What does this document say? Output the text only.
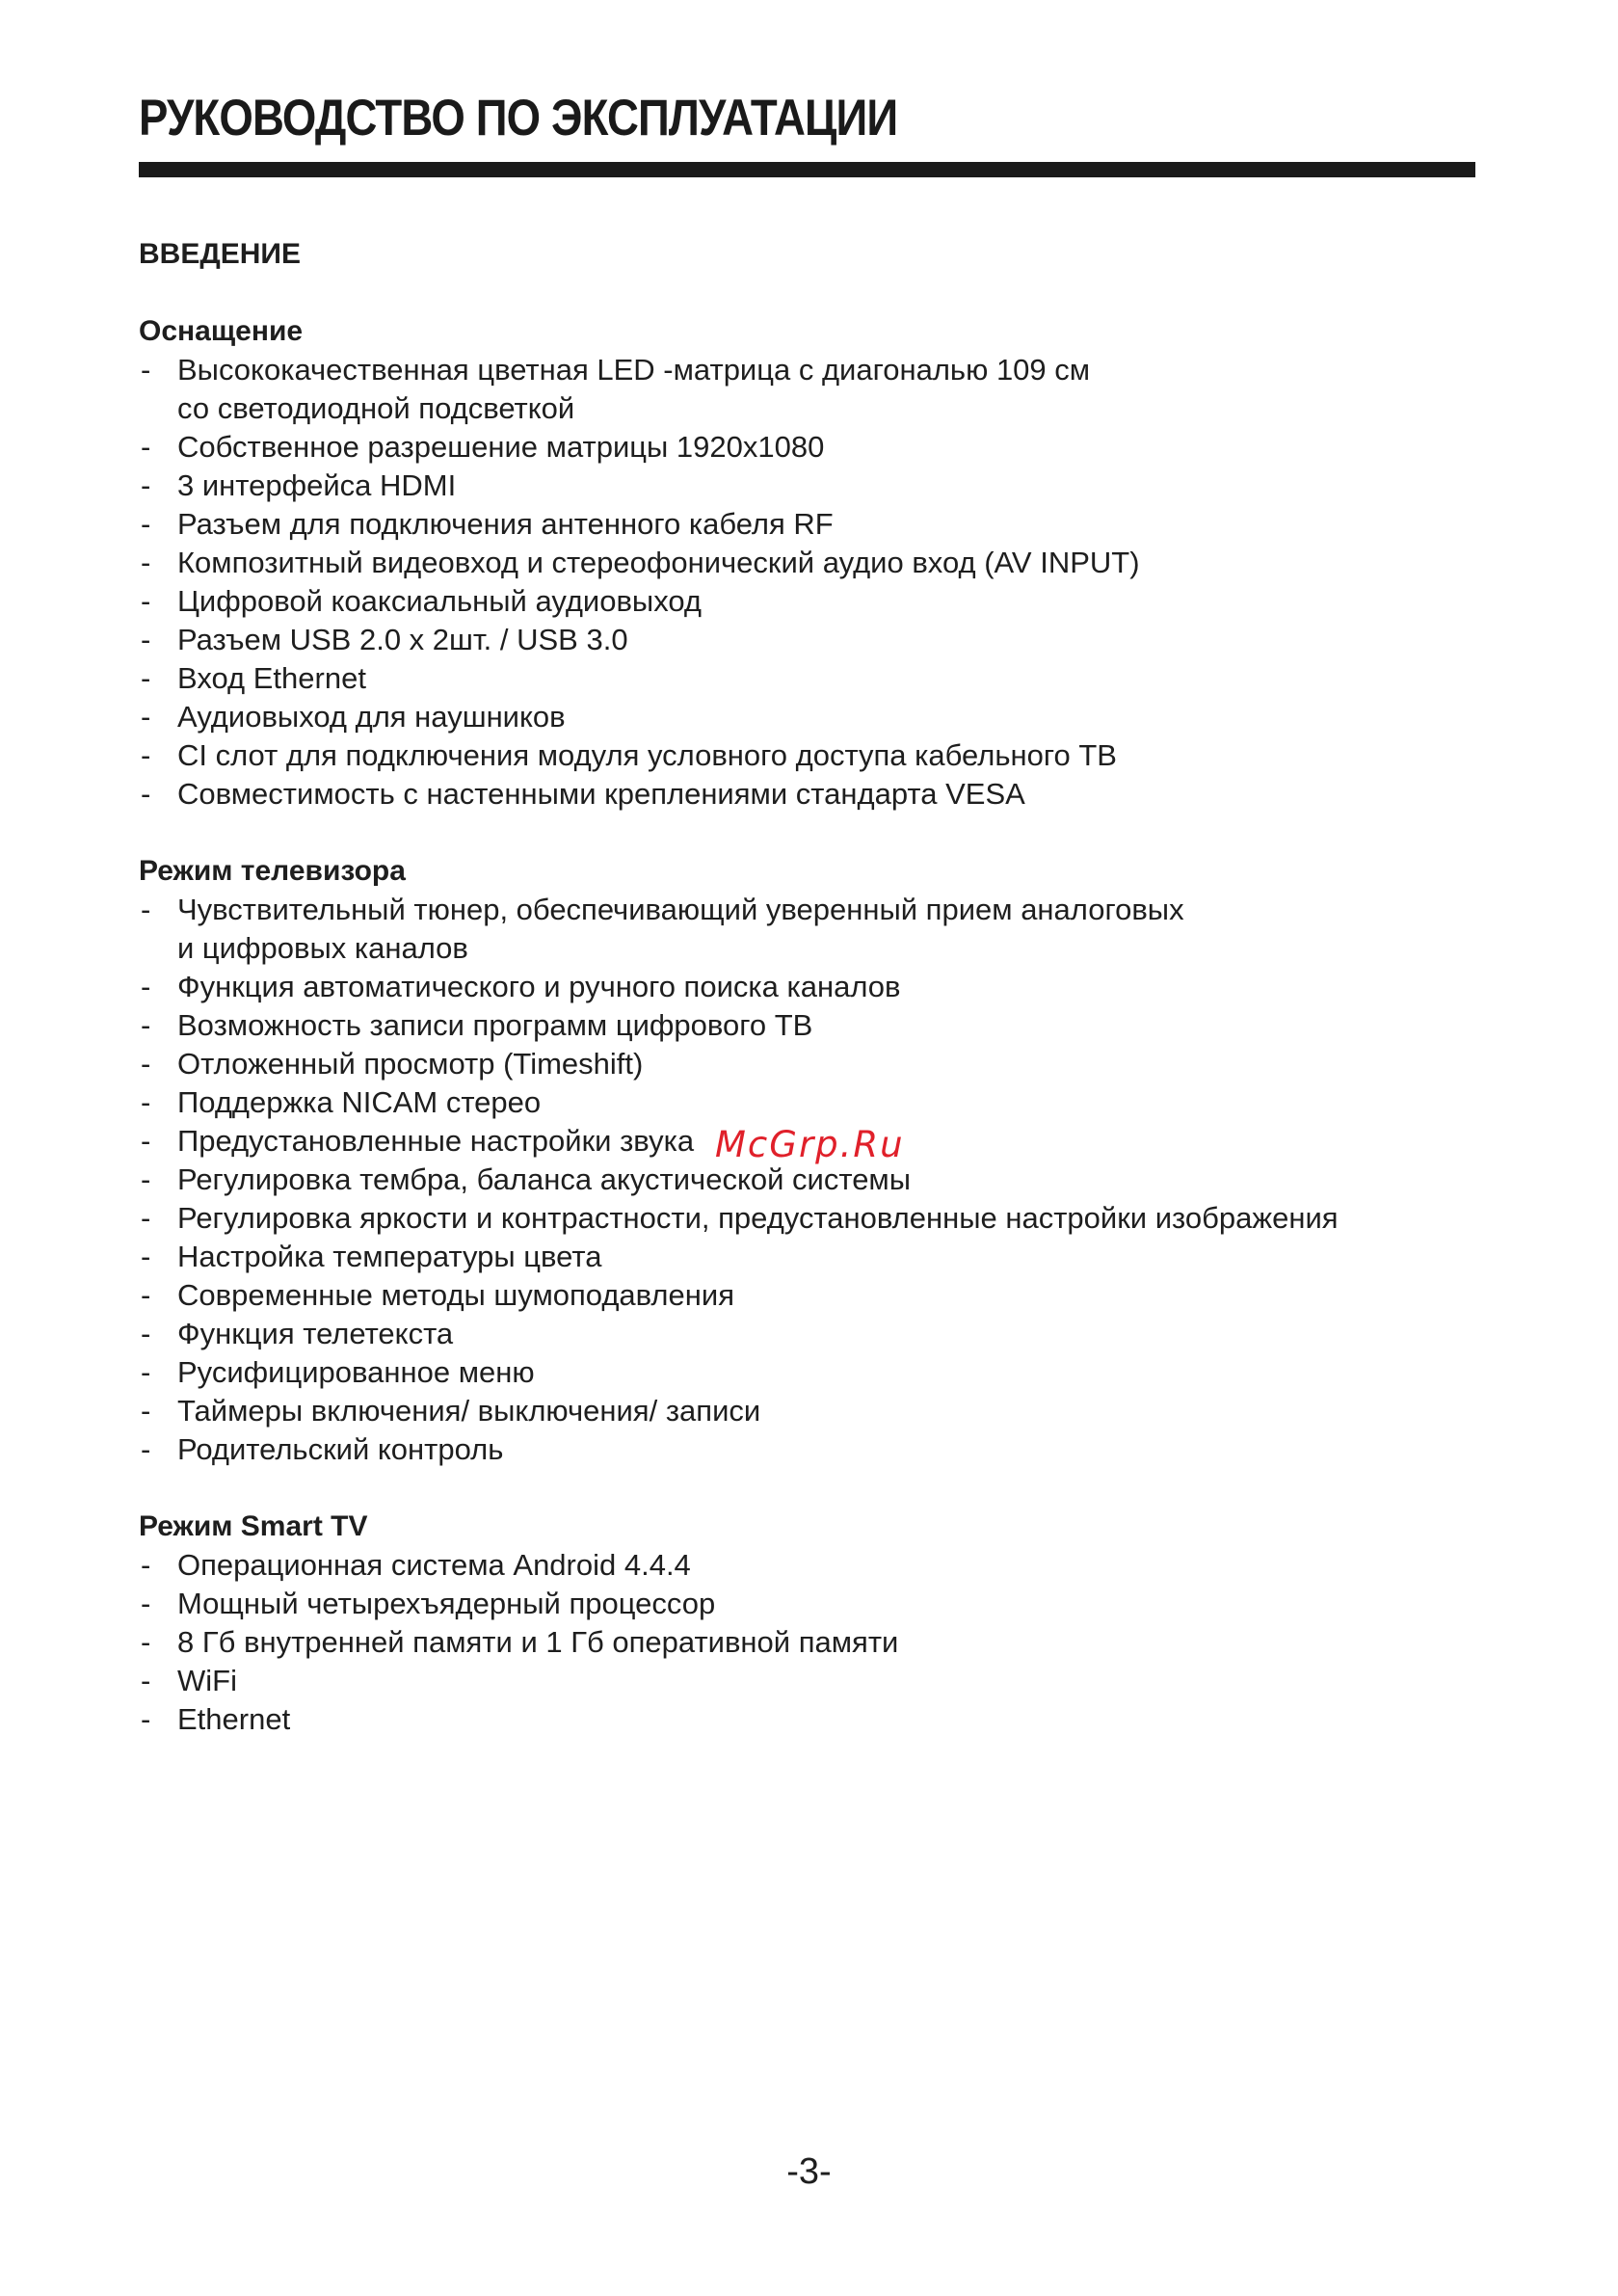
РУКОВОДСТВО ПО ЭКСПЛУАТАЦИИ
ВВЕДЕНИЕ
Оснащение
- Высококачественная цветная LED -матрица с диагональю 109 см
со светодиодной подсветкой
- Собственное разрешение матрицы 1920x1080
- 3 интерфейса HDMI
- Разъем для подключения антенного кабеля RF
- Композитный видеовход и стереофонический аудио вход (AV INPUT)
- Цифровой коаксиальный аудиовыход
- Разъем USB 2.0 x 2шт. / USB 3.0
- Вход Ethernet
- Аудиовыход для наушников
- CI слот для подключения модуля условного доступа кабельного ТВ
- Совместимость с настенными креплениями стандарта VESA
Режим телевизора
- Чувствительный тюнер, обеспечивающий уверенный прием аналоговых
и цифровых каналов
- Функция автоматического и ручного поиска каналов
- Возможность записи программ цифрового ТВ
- Отложенный просмотр (Timeshift)
- Поддержка NICAM стерео
- Предустановленные настройки звука
- Регулировка тембра, баланса акустической системы
- Регулировка яркости и контрастности, предустановленные настройки изображения
- Настройка температуры цвета
- Современные методы шумоподавления
- Функция телетекста
- Русифицированное меню
- Таймеры включения/ выключения/ записи
- Родительский контроль
Режим Smart TV
- Операционная система Android 4.4.4
- Мощный четырехъядерный процессор
- 8 Гб внутренней памяти и 1 Гб оперативной памяти
- WiFi
- Ethernet
McGrp.Ru
-3-
